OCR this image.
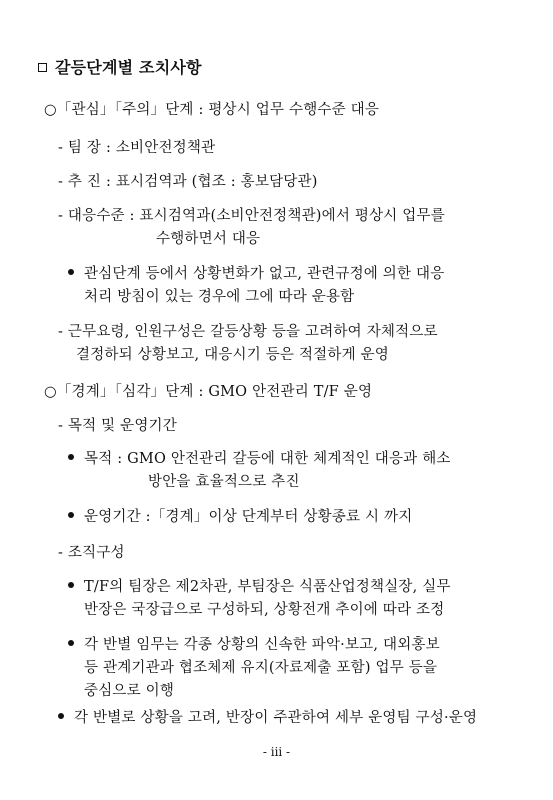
갈등단계별 조치사항
○「관심」「주의」단계 : 평상시 업무 수행수준 대응
- 팀 장 : 소비안전정책관
- 추 진 : 표시검역과 (협조 : 홍보담당관)
- 대응수준 : 표시검역과(소비안전정책관)에서 평상시 업무를
수행하면서 대응
관심단계 등에서 상황변화가 없고, 관련규정에 의한 대응
처리 방침이 있는 경우에 그에 따라 운용함
- 근무요령, 인원구성은 갈등상황 등을 고려하여 자체적으로
결정하되 상황보고, 대응시기 등은 적절하게 운영
○「경계」「심각」단계 : GMO 안전관리 T/F 운영
- 목적 및 운영기간
목적 : GMO 안전관리 갈등에 대한 체계적인 대응과 해소
방안을 효율적으로 추진
운영기간 :「경계」이상 단계부터 상황종료 시 까지
- 조직구성
T/F의 팀장은 제2차관, 부팀장은 식품산업정책실장, 실무
반장은 국장급으로 구성하되, 상황전개 추이에 따라 조정
각 반별 임무는 각종 상황의 신속한 파악·보고, 대외홍보
등 관계기관과 협조체제 유지(자료제출 포함) 업무 등을
중심으로 이행
각 반별로 상황을 고려, 반장이 주관하여 세부 운영팀 구성·운영
- iii -
